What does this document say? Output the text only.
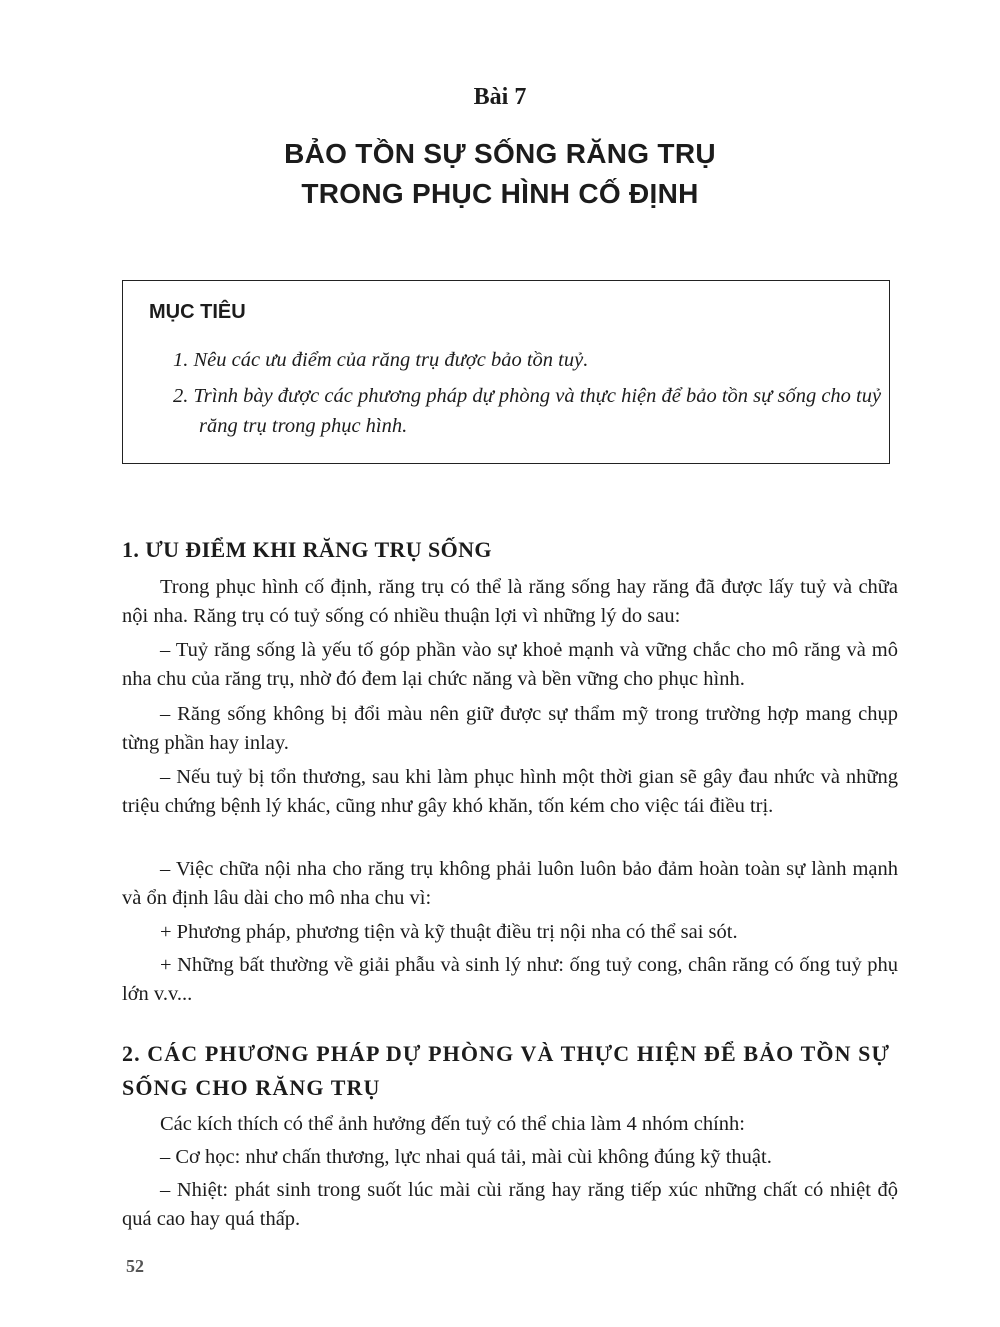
Bài 7
BẢO TỒN SỰ SỐNG RĂNG TRỤ
TRONG PHỤC HÌNH CỐ ĐỊNH
MỤC TIÊU
1. Nêu các ưu điểm của răng trụ được bảo tồn tuỷ.
2. Trình bày được các phương pháp dự phòng và thực hiện để bảo tồn sự sống cho tuỷ răng trụ trong phục hình.
1. ƯU ĐIỂM KHI RĂNG TRỤ SỐNG
Trong phục hình cố định, răng trụ có thể là răng sống hay răng đã được lấy tuỷ và chữa nội nha. Răng trụ có tuỷ sống có nhiều thuận lợi vì những lý do sau:
– Tuỷ răng sống là yếu tố góp phần vào sự khoẻ mạnh và vững chắc cho mô răng và mô nha chu của răng trụ, nhờ đó đem lại chức năng và bền vững cho phục hình.
– Răng sống không bị đổi màu nên giữ được sự thẩm mỹ trong trường hợp mang chụp từng phần hay inlay.
– Nếu tuỷ bị tổn thương, sau khi làm phục hình một thời gian sẽ gây đau nhức và những triệu chứng bệnh lý khác, cũng như gây khó khăn, tốn kém cho việc tái điều trị.
– Việc chữa nội nha cho răng trụ không phải luôn luôn bảo đảm hoàn toàn sự lành mạnh và ổn định lâu dài cho mô nha chu vì:
+ Phương pháp, phương tiện và kỹ thuật điều trị nội nha có thể sai sót.
+ Những bất thường về giải phẫu và sinh lý như: ống tuỷ cong, chân răng có ống tuỷ phụ lớn v.v...
2. CÁC PHƯƠNG PHÁP DỰ PHÒNG VÀ THỰC HIỆN ĐỂ BẢO TỒN SỰ SỐNG CHO RĂNG TRỤ
Các kích thích có thể ảnh hưởng đến tuỷ có thể chia làm 4 nhóm chính:
– Cơ học: như chấn thương, lực nhai quá tải, mài cùi không đúng kỹ thuật.
– Nhiệt: phát sinh trong suốt lúc mài cùi răng hay răng tiếp xúc những chất có nhiệt độ quá cao hay quá thấp.
52
